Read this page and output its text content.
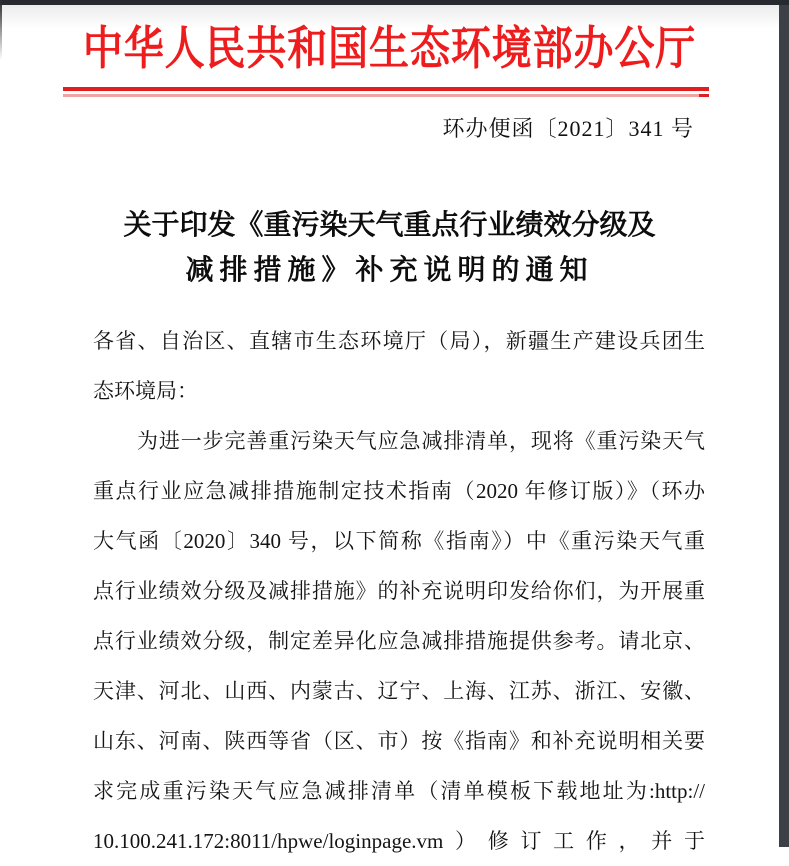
中华人民共和国生态环境部办公厅
环办便函〔2021〕341 号
关于印发《重污染天气重点行业绩效分级及
减排措施》补充说明的通知
各省、自治区、直辖市生态环境厅（局），新疆生产建设兵团生
态环境局：
为进一步完善重污染天气应急减排清单，现将《重污染天气
重点行业应急减排措施制定技术指南（2020 年修订版）》（环办
大气函〔2020〕340 号，以下简称《指南》）中《重污染天气重
点行业绩效分级及减排措施》的补充说明印发给你们，为开展重
点行业绩效分级，制定差异化应急减排措施提供参考。请北京、
天津、河北、山西、内蒙古、辽宁、上海、江苏、浙江、安徽、
山东、河南、陕西等省（区、市）按《指南》和补充说明相关要
求完成重污染天气应急减排清单（清单模板下载地址为:http://
10.100.241.172:8011/hpwe/loginpage.vm）修订工作，并于
